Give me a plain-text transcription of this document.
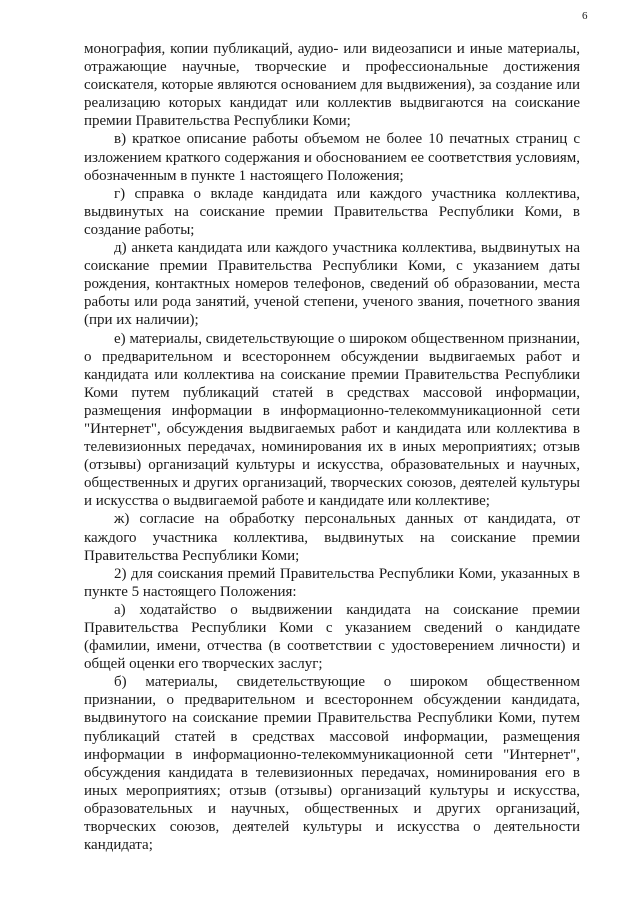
6

монография, копии публикаций, аудио- или видеозаписи и иные материалы, отражающие научные, творческие и профессиональные достижения соискателя, которые являются основанием для выдвижения), за создание или реализацию которых кандидат или коллектив выдвигаются на соискание премии Правительства Республики Коми;

в) краткое описание работы объемом не более 10 печатных страниц с изложением краткого содержания и обоснованием ее соответствия условиям, обозначенным в пункте 1 настоящего Положения;

г) справка о вкладе кандидата или каждого участника коллектива, выдвинутых на соискание премии Правительства Республики Коми, в создание работы;

д) анкета кандидата или каждого участника коллектива, выдвинутых на соискание премии Правительства Республики Коми, с указанием даты рождения, контактных номеров телефонов, сведений об образовании, места работы или рода занятий, ученой степени, ученого звания, почетного звания (при их наличии);

е) материалы, свидетельствующие о широком общественном признании, о предварительном и всестороннем обсуждении выдвигаемых работ и кандидата или коллектива на соискание премии Правительства Республики Коми путем публикаций статей в средствах массовой информации, размещения информации в информационно-телекоммуникационной сети "Интернет", обсуждения выдвигаемых работ и кандидата или коллектива в телевизионных передачах, номинирования их в иных мероприятиях; отзыв (отзывы) организаций культуры и искусства, образовательных и научных, общественных и других организаций, творческих союзов, деятелей культуры и искусства о выдвигаемой работе и кандидате или коллективе;

ж) согласие на обработку персональных данных от кандидата, от каждого участника коллектива, выдвинутых на соискание премии Правительства Республики Коми;

2) для соискания премий Правительства Республики Коми, указанных в пункте 5 настоящего Положения:

а) ходатайство о выдвижении кандидата на соискание премии Правительства Республики Коми с указанием сведений о кандидате (фамилии, имени, отчества (в соответствии с удостоверением личности) и общей оценки его творческих заслуг;

б) материалы, свидетельствующие о широком общественном признании, о предварительном и всестороннем обсуждении кандидата, выдвинутого на соискание премии Правительства Республики Коми, путем публикаций статей в средствах массовой информации, размещения информации в информационно-телекоммуникационной сети "Интернет", обсуждения кандидата в телевизионных передачах, номинирования его в иных мероприятиях; отзыв (отзывы) организаций культуры и искусства, образовательных и научных, общественных и других организаций, творческих союзов, деятелей культуры и искусства о деятельности кандидата;
